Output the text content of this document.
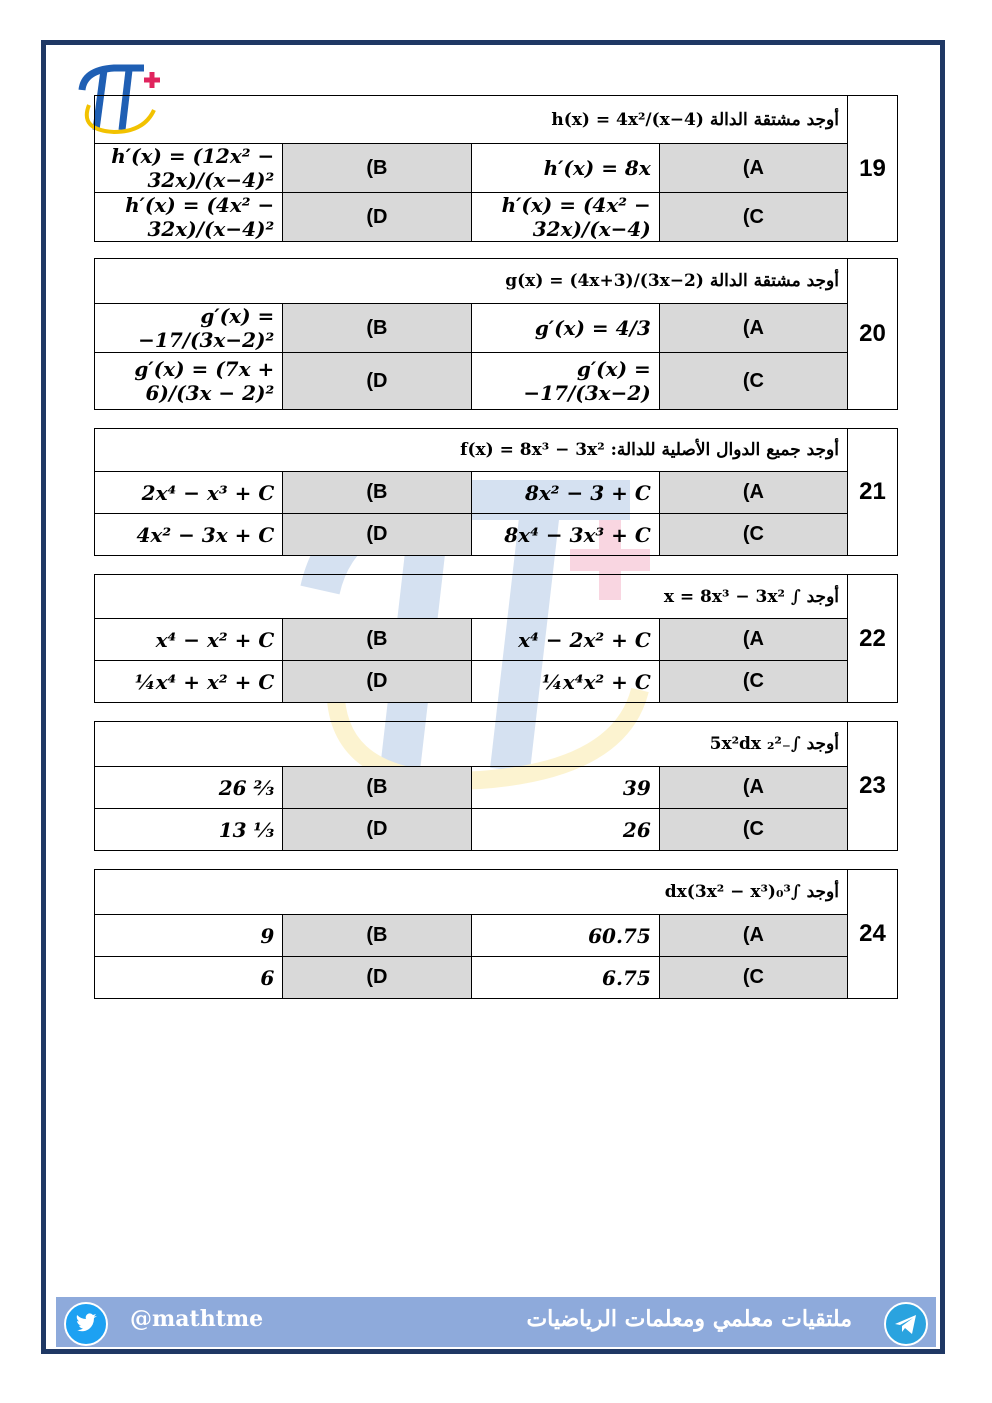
أوجد مشتقة الدالة h(x) = 4x²/(x−4)				19
h′(x) = (12x² − 32x)/(x−4)²	(B	h′(x) = 8x	(A	
h′(x) = (4x² − 32x)/(x−4)²	(D	h′(x) = (4x² − 32x)/(x−4)	(C	
أوجد مشتقة الدالة g(x) = (4x+3)/(3x−2)				20
g′(x) = −17/(3x−2)²	(B	g′(x) = 4/3	(A	
g′(x) = (7x + 6)/(3x − 2)²	(D	g′(x) = −17/(3x−2)	(C	
أوجد جميع الدوال الأصلية للدالة: f(x) = 8x³ − 3x²				21
2x⁴ − x³ + C	(B	8x² − 3 + C	(A	
4x² − 3x + C	(D	8x⁴ − 3x³ + C	(C	
أوجد ∫ x = 8x³ − 3x²				22
x⁴ − x² + C	(B	x⁴ − 2x² + C	(A	
¼x⁴ + x² + C	(D	¼x⁴x² + C	(C	
أوجد ∫₋₂² 5x²dx				23
26 ⅔	(B	39	(A	
13 ⅓	(D	26	(C	
أوجد ∫₀³(3x² − x³)dx				24
9	(B	60.75	(A	
6	(D	6.75	(C	
@mathtme	ملتقيات معلمي ومعلمات الرياضيات
